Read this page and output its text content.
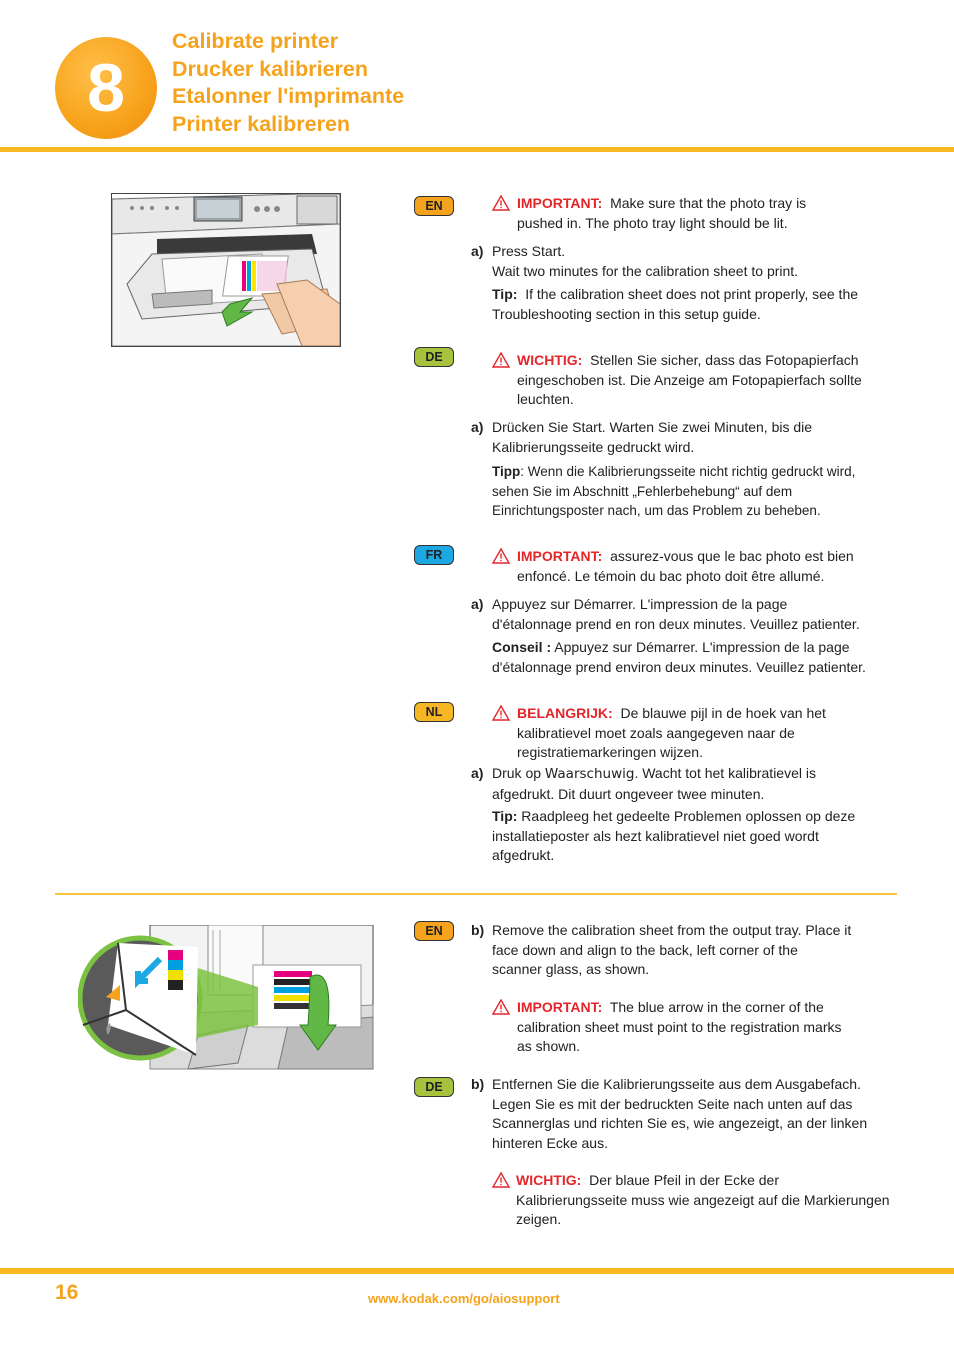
8
Calibrate printer
Drucker kalibrieren
Etalonner l'imprimante
Printer kalibreren
EN	IMPORTANT: Make sure that the photo tray is
pushed in. The photo tray light should be lit.
a) Press Start.
Wait two minutes for the calibration sheet to print.
Tip: If the calibration sheet does not print properly, see the
Troubleshooting section in this setup guide.
DE	WICHTIG: Stellen Sie sicher, dass das Fotopapierfach
eingeschoben ist. Die Anzeige am Fotopapierfach sollte
leuchten.
a) Drücken Sie Start. Warten Sie zwei Minuten, bis die
Kalibrierungsseite gedruckt wird.
Tipp: Wenn die Kalibrierungsseite nicht richtig gedruckt wird,
sehen Sie im Abschnitt „Fehlerbehebung“ auf dem
Einrichtungsposter nach, um das Problem zu beheben.
FR	IMPORTANT: assurez-vous que le bac photo est bien
enfoncé. Le témoin du bac photo doit être allumé.
a) Appuyez sur Démarrer. L'impression de la page
d'étalonnage prend en ron deux minutes. Veuillez patienter.
Conseil : Appuyez sur Démarrer. L'impression de la page
d'étalonnage prend environ deux minutes. Veuillez patienter.
NL	BELANGRIJK: De blauwe pijl in de hoek van het
kalibratievel moet zoals aangegeven naar de
registratiemarkeringen wijzen.
a) Druk op Waarschuwig. Wacht tot het kalibratievel is
afgedrukt. Dit duurt ongeveer twee minuten.
Tip: Raadpleeg het gedeelte Problemen oplossen op deze
installatieposter als hezt kalibratievel niet goed wordt
afgedrukt.
EN	b) Remove the calibration sheet from the output tray. Place it
face down and align to the back, left corner of the
scanner glass, as shown.
IMPORTANT: The blue arrow in the corner of the
calibration sheet must point to the registration marks
as shown.
DE	b) Entfernen Sie die Kalibrierungsseite aus dem Ausgabefach.
Legen Sie es mit der bedruckten Seite nach unten auf das
Scannerglas und richten Sie es, wie angezeigt, an der linken
hinteren Ecke aus.
WICHTIG: Der blaue Pfeil in der Ecke der
Kalibrierungsseite muss wie angezeigt auf die Markierungen
zeigen.
16	www.kodak.com/go/aiosupport
